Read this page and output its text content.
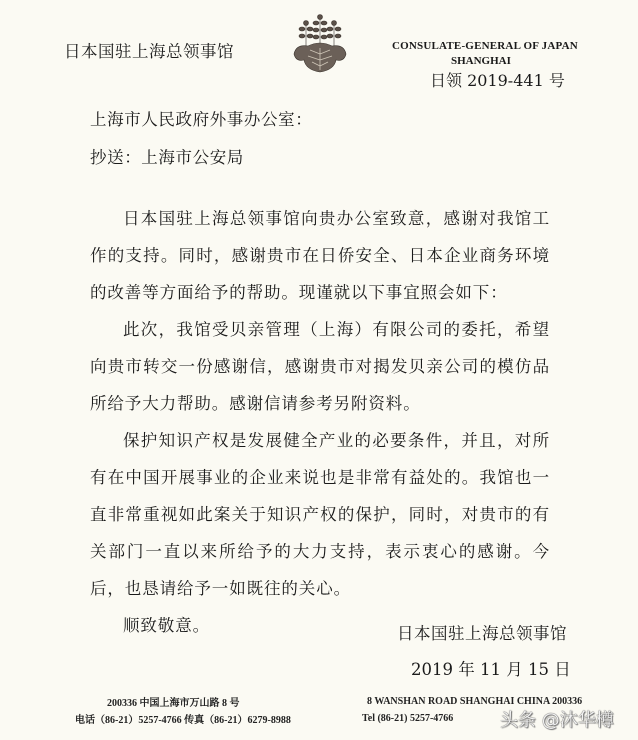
日本国驻上海总领事馆	CONSULATE-GENERAL OF JAPAN
SHANGHAI
日领 2019-441 号
上海市人民政府外事办公室：
抄送：上海市公安局

日本国驻上海总领事馆向贵办公室致意，感谢对我馆工作的支持。同时，感谢贵市在日侨安全、日本企业商务环境的改善等方面给予的帮助。现谨就以下事宜照会如下：

此次，我馆受贝亲管理（上海）有限公司的委托，希望向贵市转交一份感谢信，感谢贵市对揭发贝亲公司的模仿品所给予大力帮助。感谢信请参考另附资料。

保护知识产权是发展健全产业的必要条件，并且，对所有在中国开展事业的企业来说也是非常有益处的。我馆也一直非常重视如此案关于知识产权的保护，同时，对贵市的有关部门一直以来所给予的大力支持，表示衷心的感谢。今后，也恳请给予一如既往的关心。

顺致敬意。	日本国驻上海总领事馆
2019 年 11 月 15 日
200336 中国上海市万山路 8 号
电话（86-21）5257-4766 传真（86-21）6279-8988
8 WANSHAN ROAD SHANGHAI CHINA 200336
Tel (86-21) 5257-4766	头条 @沐华樽
